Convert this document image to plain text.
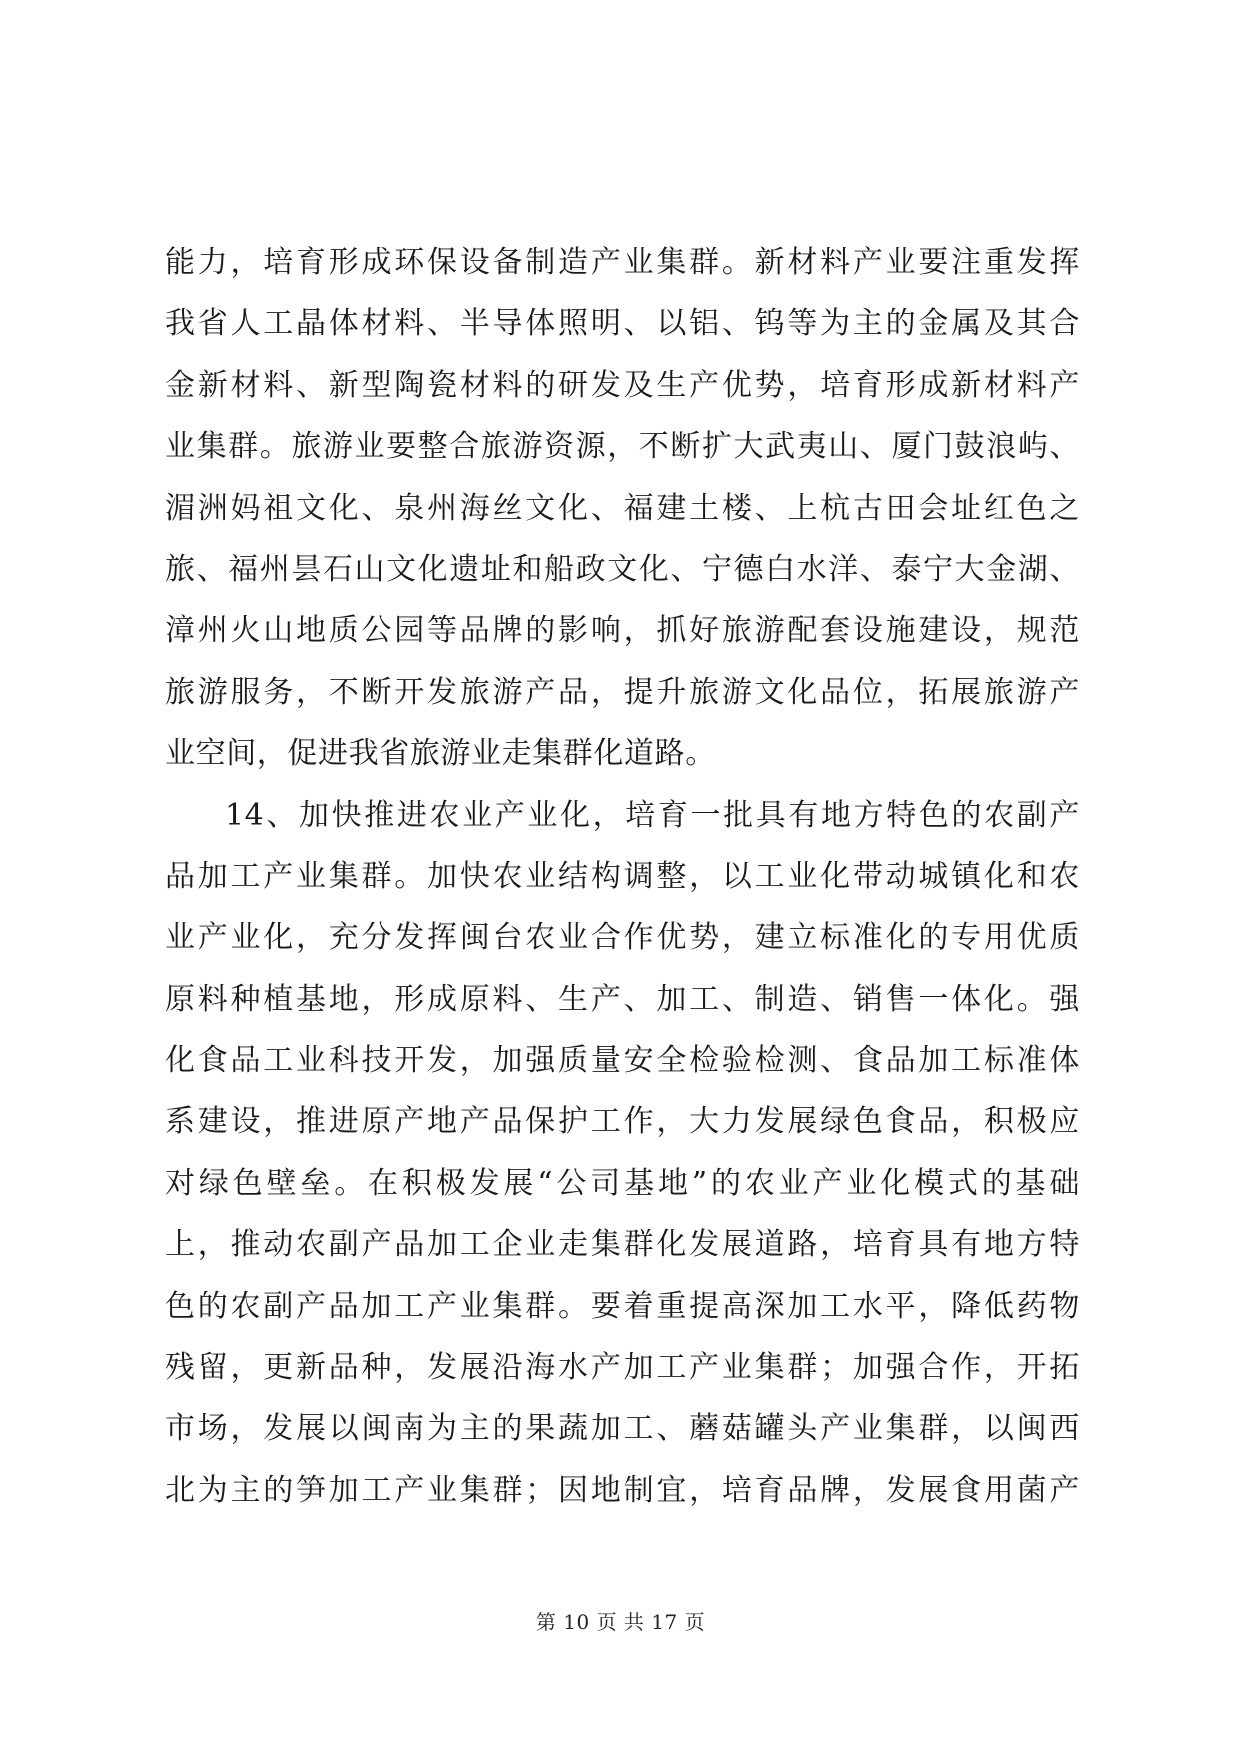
能力，培育形成环保设备制造产业集群。新材料产业要注重发挥
我省人工晶体材料、半导体照明、以铝、钨等为主的金属及其合
金新材料、新型陶瓷材料的研发及生产优势，培育形成新材料产
业集群。旅游业要整合旅游资源，不断扩大武夷山、厦门鼓浪屿、
湄洲妈祖文化、泉州海丝文化、福建土楼、上杭古田会址红色之
旅、福州昙石山文化遗址和船政文化、宁德白水洋、泰宁大金湖、
漳州火山地质公园等品牌的影响，抓好旅游配套设施建设，规范
旅游服务，不断开发旅游产品，提升旅游文化品位，拓展旅游产
业空间，促进我省旅游业走集群化道路。
14、加快推进农业产业化，培育一批具有地方特色的农副产
品加工产业集群。加快农业结构调整，以工业化带动城镇化和农
业产业化，充分发挥闽台农业合作优势，建立标准化的专用优质
原料种植基地，形成原料、生产、加工、制造、销售一体化。强
化食品工业科技开发，加强质量安全检验检测、食品加工标准体
系建设，推进原产地产品保护工作，大力发展绿色食品，积极应
对绿色壁垒。在积极发展“公司基地”的农业产业化模式的基础
上，推动农副产品加工企业走集群化发展道路，培育具有地方特
色的农副产品加工产业集群。要着重提高深加工水平，降低药物
残留，更新品种，发展沿海水产加工产业集群；加强合作，开拓
市场，发展以闽南为主的果蔬加工、蘑菇罐头产业集群，以闽西
北为主的笋加工产业集群；因地制宜，培育品牌，发展食用菌产
第 10 页 共 17 页
